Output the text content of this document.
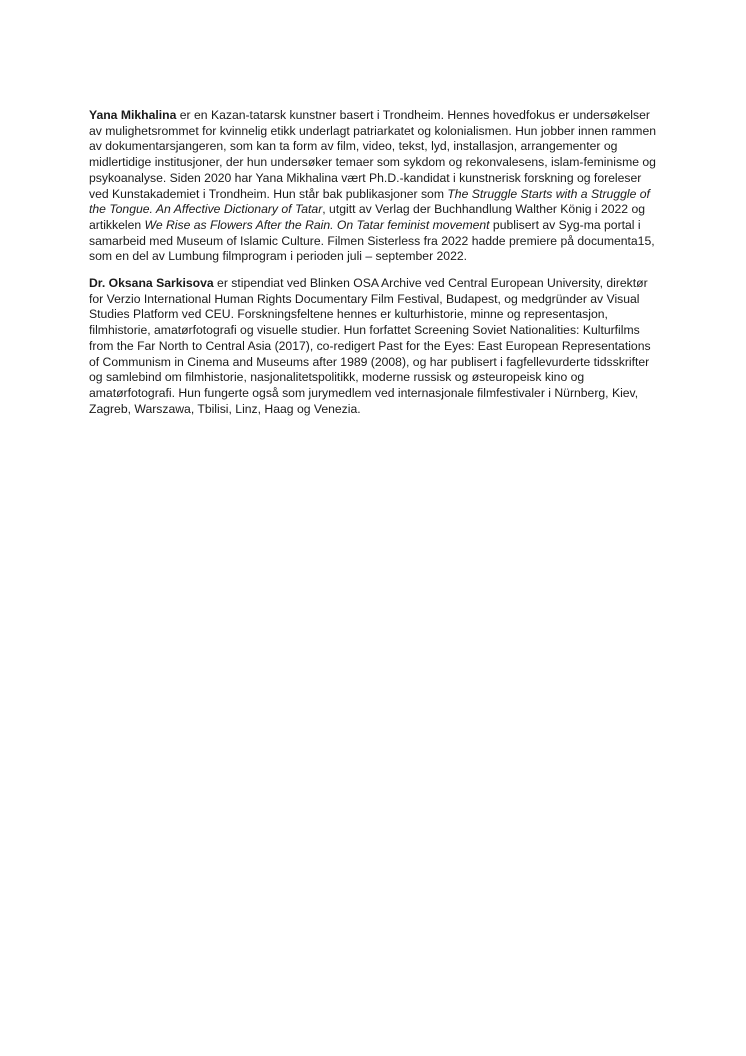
Yana Mikhalina er en Kazan-tatarsk kunstner basert i Trondheim. Hennes hovedfokus er undersøkelser av mulighetsrommet for kvinnelig etikk underlagt patriarkatet og kolonialismen. Hun jobber innen rammen av dokumentarsjangeren, som kan ta form av film, video, tekst, lyd, installasjon, arrangementer og midlertidige institusjoner, der hun undersøker temaer som sykdom og rekonvalesens, islam-feminisme og psykoanalyse. Siden 2020 har Yana Mikhalina vært Ph.D.-kandidat i kunstnerisk forskning og foreleser ved Kunstakademiet i Trondheim. Hun står bak publikasjoner som The Struggle Starts with a Struggle of the Tongue. An Affective Dictionary of Tatar, utgitt av Verlag der Buchhandlung Walther König i 2022 og artikkelen We Rise as Flowers After the Rain. On Tatar feminist movement publisert av Syg-ma portal i samarbeid med Museum of Islamic Culture. Filmen Sisterless fra 2022 hadde premiere på documenta15, som en del av Lumbung filmprogram i perioden juli – september 2022.

Dr. Oksana Sarkisova er stipendiat ved Blinken OSA Archive ved Central European University, direktør for Verzio International Human Rights Documentary Film Festival, Budapest, og medgründer av Visual Studies Platform ved CEU. Forskningsfeltene hennes er kulturhistorie, minne og representasjon, filmhistorie, amatørfotografi og visuelle studier. Hun forfattet Screening Soviet Nationalities: Kulturfilms from the Far North to Central Asia (2017), co-redigert Past for the Eyes: East European Representations of Communism in Cinema and Museums after 1989 (2008), og har publisert i fagfellevurderte tidsskrifter og samlebind om filmhistorie, nasjonalitetspolitikk, moderne russisk og østeuropeisk kino og amatørfotografi. Hun fungerte også som jurymedlem ved internasjonale filmfestivaler i Nürnberg, Kiev, Zagreb, Warszawa, Tbilisi, Linz, Haag og Venezia.
